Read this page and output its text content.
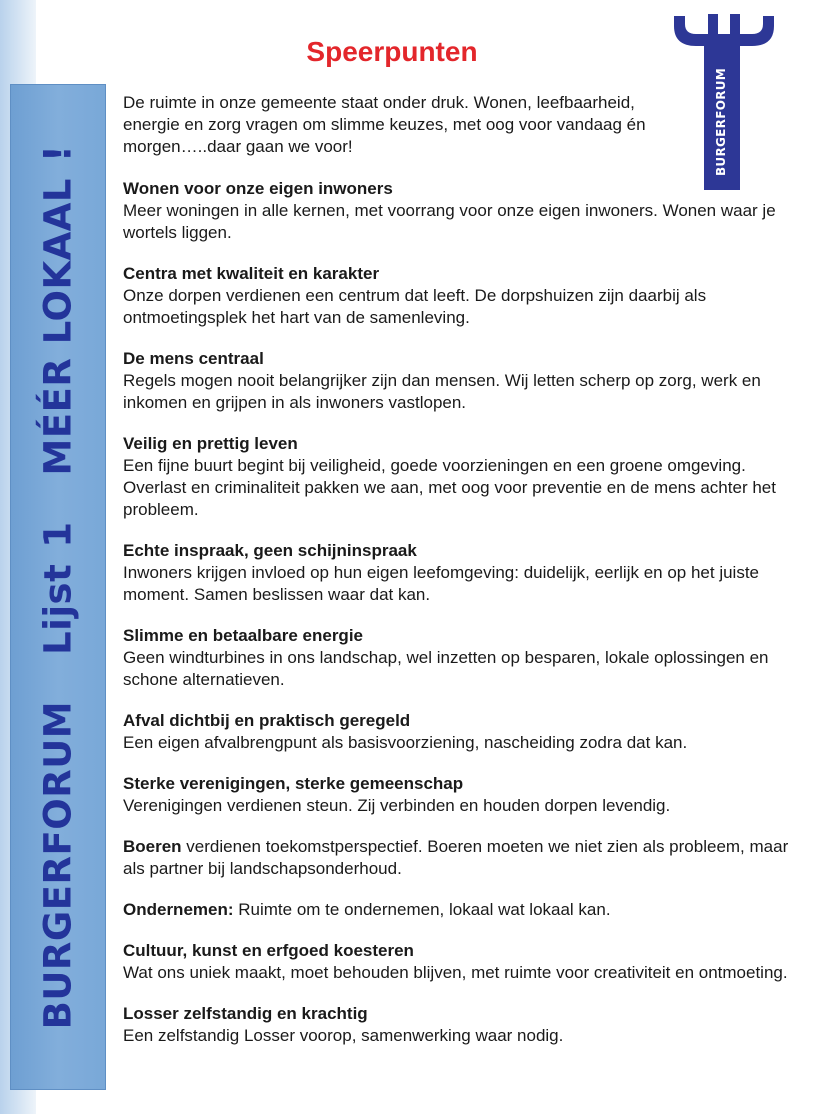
BURGERFORUM
Lijst
1
MÉÉR LOKAAL
!	BURGERFORUM
Speerpunten

De ruimte in onze gemeente staat onder druk. Wonen, leefbaarheid, energie en zorg vragen om slimme keuzes, met oog voor vandaag én morgen…..daar gaan we voor!

Wonen voor onze eigen inwoners
Meer woningen in alle kernen, met voorrang voor onze eigen inwoners. Wonen waar je wortels liggen.
Centra met kwaliteit en karakter
Onze dorpen verdienen een centrum dat leeft. De dorpshuizen zijn daarbij als ontmoetingsplek het hart van de samenleving.
De mens centraal
Regels mogen nooit belangrijker zijn dan mensen. Wij letten scherp op zorg, werk en inkomen en grijpen in als inwoners vastlopen.
Veilig en prettig leven
Een fijne buurt begint bij veiligheid, goede voorzieningen en een groene omgeving. Overlast en criminaliteit pakken we aan, met oog voor preventie en de mens achter het probleem.
Echte inspraak, geen schijninspraak
Inwoners krijgen invloed op hun eigen leefomgeving: duidelijk, eerlijk en op het juiste moment. Samen beslissen waar dat kan.
Slimme en betaalbare energie
Geen windturbines in ons landschap, wel inzetten op besparen, lokale oplossingen en schone alternatieven.
Afval dichtbij en praktisch geregeld
Een eigen afvalbrengpunt als basisvoorziening, nascheiding zodra dat kan.
Sterke verenigingen, sterke gemeenschap
Verenigingen verdienen steun. Zij verbinden en houden dorpen levendig.
Boeren verdienen toekomstperspectief. Boeren moeten we niet zien als probleem, maar als partner bij landschapsonderhoud.
Ondernemen: Ruimte om te ondernemen, lokaal wat lokaal kan.
Cultuur, kunst en erfgoed koesteren
Wat ons uniek maakt, moet behouden blijven, met ruimte voor creativiteit en ontmoeting.
Losser zelfstandig en krachtig
Een zelfstandig Losser voorop, samenwerking waar nodig.
